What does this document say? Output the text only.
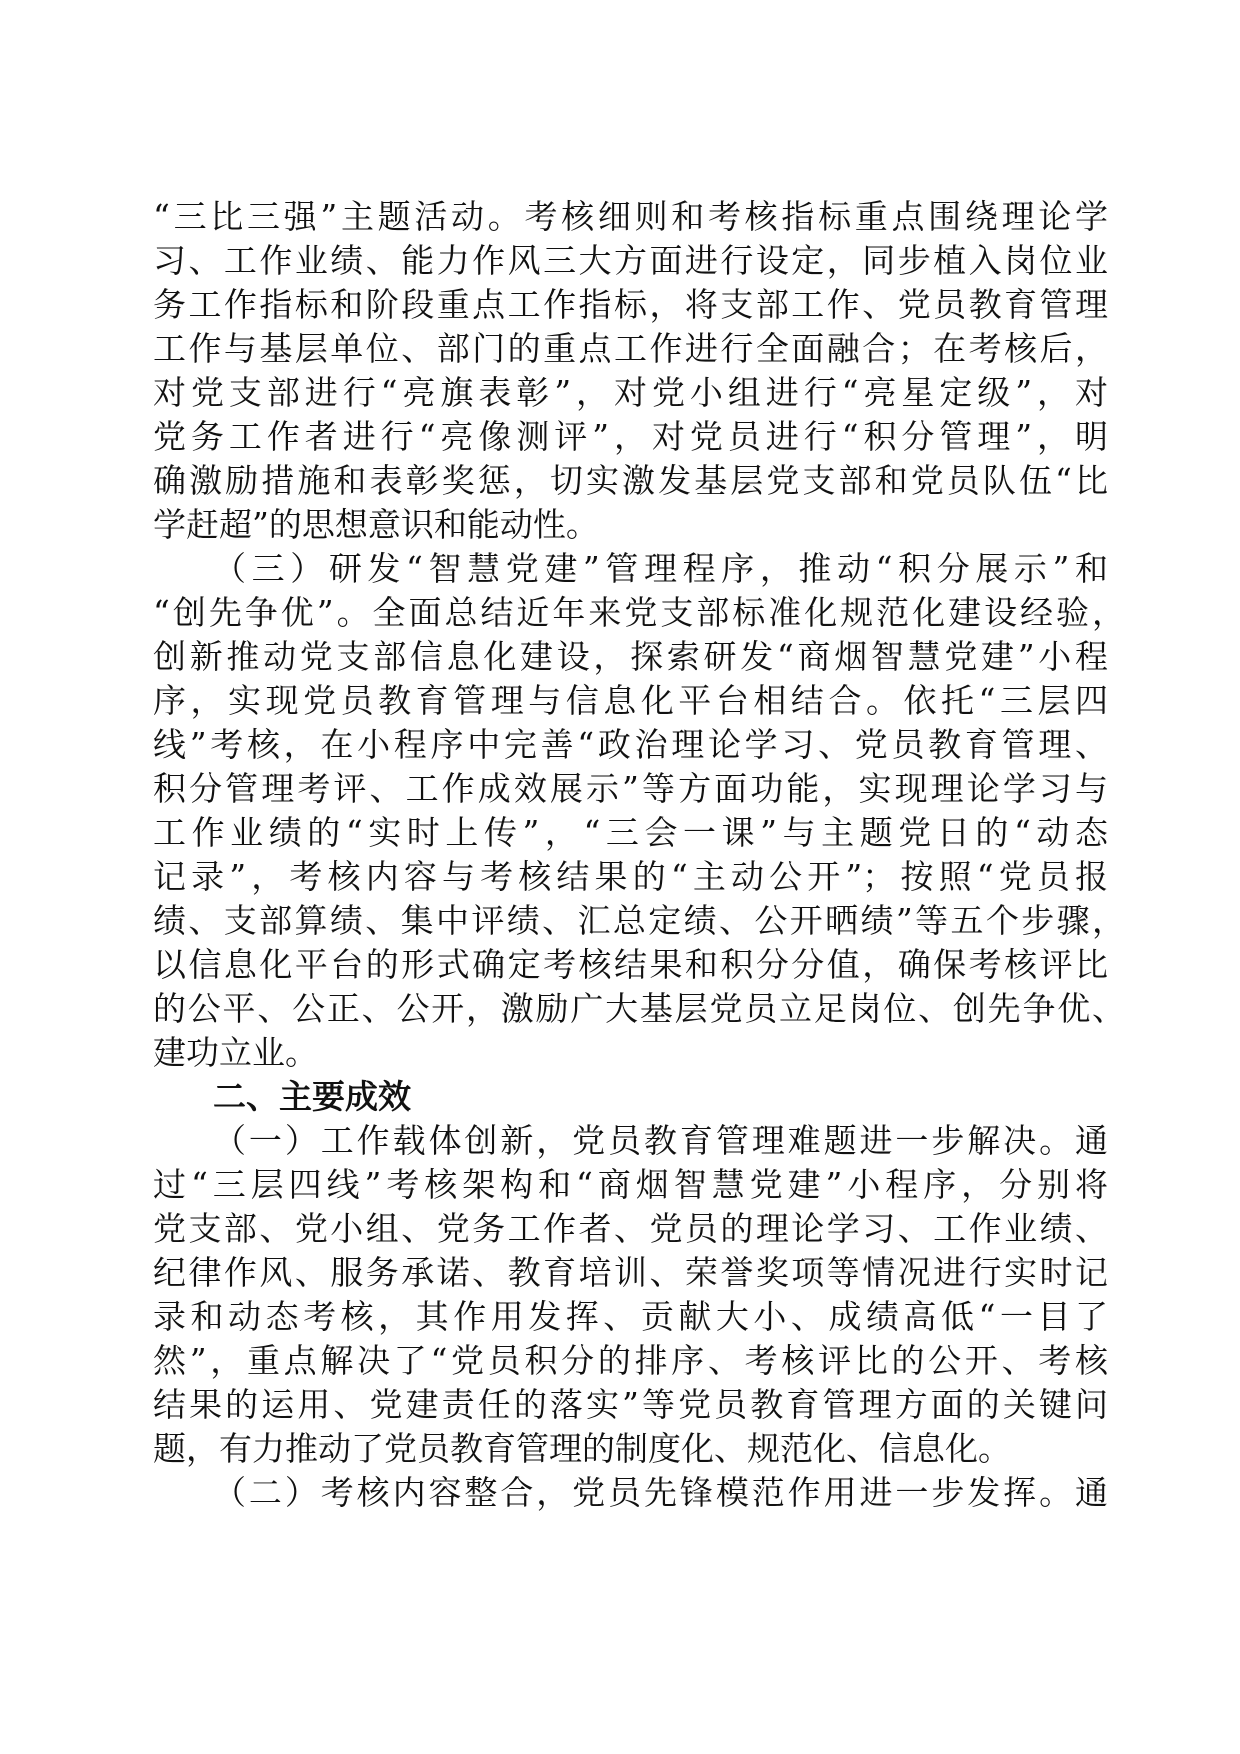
“三比三强”主题活动。考核细则和考核指标重点围绕理论学
习、工作业绩、能力作风三大方面进行设定，同步植入岗位业
务工作指标和阶段重点工作指标，将支部工作、党员教育管理
工作与基层单位、部门的重点工作进行全面融合；在考核后，
对党支部进行“亮旗表彰”，对党小组进行“亮星定级”，对
党务工作者进行“亮像测评”，对党员进行“积分管理”，明
确激励措施和表彰奖惩，切实激发基层党支部和党员队伍“比
学赶超”的思想意识和能动性。
（三）研发“智慧党建”管理程序，推动“积分展示”和
“创先争优”。全面总结近年来党支部标准化规范化建设经验，
创新推动党支部信息化建设，探索研发“商烟智慧党建”小程
序，实现党员教育管理与信息化平台相结合。依托“三层四
线”考核，在小程序中完善“政治理论学习、党员教育管理、
积分管理考评、工作成效展示”等方面功能，实现理论学习与
工作业绩的“实时上传”，“三会一课”与主题党日的“动态
记录”，考核内容与考核结果的“主动公开”；按照“党员报
绩、支部算绩、集中评绩、汇总定绩、公开晒绩”等五个步骤，
以信息化平台的形式确定考核结果和积分分值，确保考核评比
的公平、公正、公开，激励广大基层党员立足岗位、创先争优、
建功立业。
二、主要成效
（一）工作载体创新，党员教育管理难题进一步解决。通
过“三层四线”考核架构和“商烟智慧党建”小程序，分别将
党支部、党小组、党务工作者、党员的理论学习、工作业绩、
纪律作风、服务承诺、教育培训、荣誉奖项等情况进行实时记
录和动态考核，其作用发挥、贡献大小、成绩高低“一目了
然”，重点解决了“党员积分的排序、考核评比的公开、考核
结果的运用、党建责任的落实”等党员教育管理方面的关键问
题，有力推动了党员教育管理的制度化、规范化、信息化。
（二）考核内容整合，党员先锋模范作用进一步发挥。通
